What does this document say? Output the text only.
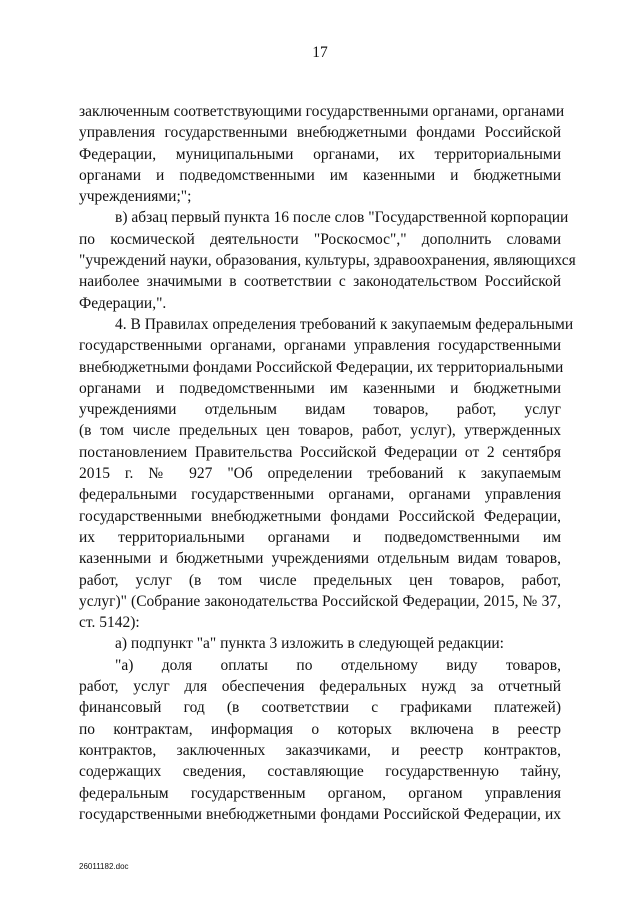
17
заключенным соответствующими государственными органами, органами
управления государственными внебюджетными фондами Российской
Федерации, муниципальными органами, их территориальными
органами и подведомственными им казенными и бюджетными
учреждениями;";
в) абзац первый пункта 16 после слов "Государственной корпорации
по космической деятельности "Роскосмос"," дополнить словами
"учреждений науки, образования, культуры, здравоохранения, являющихся
наиболее значимыми в соответствии с законодательством Российской
Федерации,".
4. В Правилах определения требований к закупаемым федеральными
государственными органами, органами управления государственными
внебюджетными фондами Российской Федерации, их территориальными
органами и подведомственными им казенными и бюджетными
учреждениями отдельным видам товаров, работ, услуг
(в том числе предельных цен товаров, работ, услуг), утвержденных
постановлением Правительства Российской Федерации от 2 сентября
2015 г. № 927 "Об определении требований к закупаемым
федеральными государственными органами, органами управления
государственными внебюджетными фондами Российской Федерации,
их территориальными органами и подведомственными им
казенными и бюджетными учреждениями отдельным видам товаров,
работ, услуг (в том числе предельных цен товаров, работ,
услуг)" (Собрание законодательства Российской Федерации, 2015, № 37,
ст. 5142):
а) подпункт "а" пункта 3 изложить в следующей редакции:
"а) доля оплаты по отдельному виду товаров,
работ, услуг для обеспечения федеральных нужд за отчетный
финансовый год (в соответствии с графиками платежей)
по контрактам, информация о которых включена в реестр
контрактов, заключенных заказчиками, и реестр контрактов,
содержащих сведения, составляющие государственную тайну,
федеральным государственным органом, органом управления
государственными внебюджетными фондами Российской Федерации, их
26011182.doc
